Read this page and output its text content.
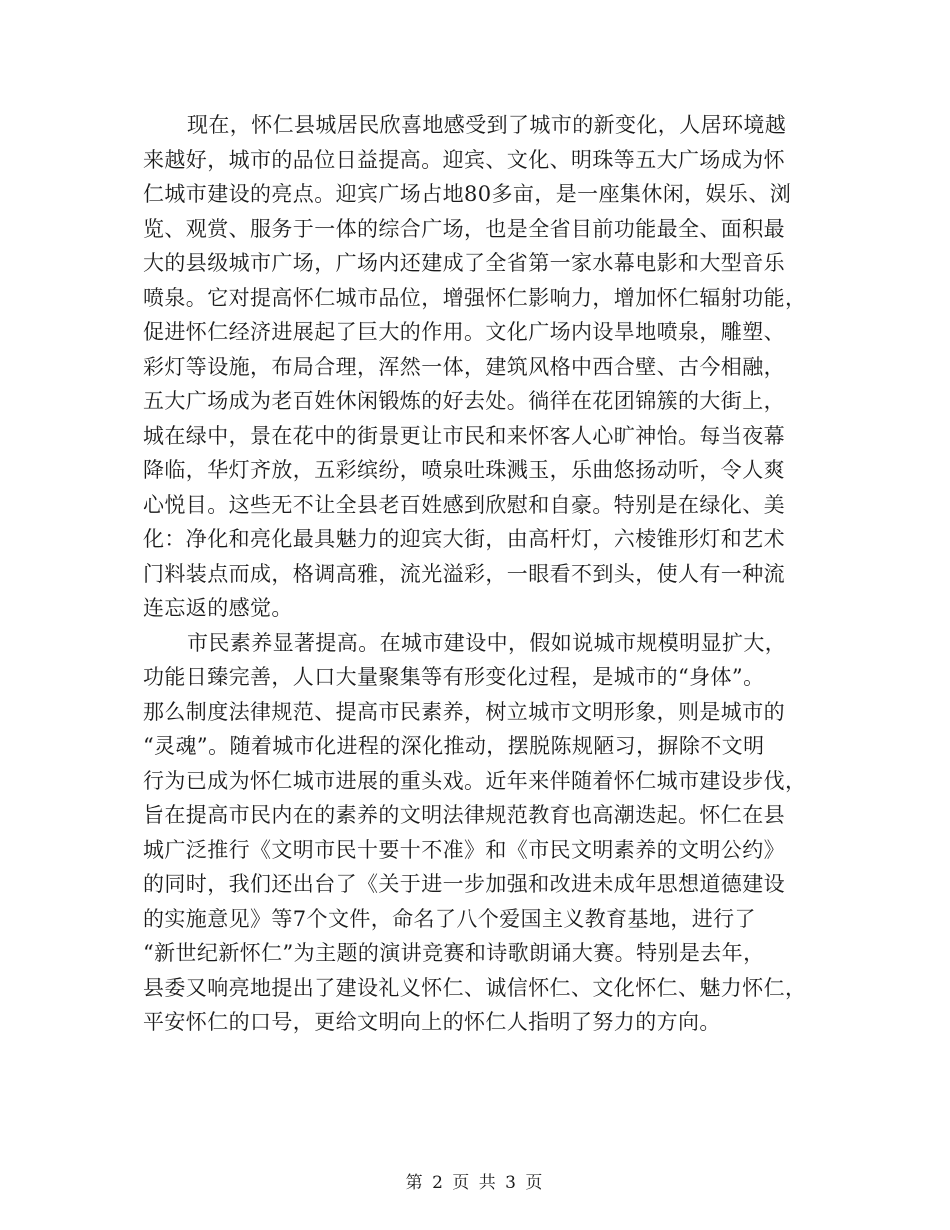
现在，怀仁县城居民欣喜地感受到了城市的新变化，人居环境越
来越好，城市的品位日益提高。迎宾、文化、明珠等五大广场成为怀
仁城市建设的亮点。迎宾广场占地80多亩，是一座集休闲，娱乐、浏
览、观赏、服务于一体的综合广场，也是全省目前功能最全、面积最
大的县级城市广场，广场内还建成了全省第一家水幕电影和大型音乐
喷泉。它对提高怀仁城市品位，增强怀仁影响力，增加怀仁辐射功能，
促进怀仁经济进展起了巨大的作用。文化广场内设旱地喷泉，雕塑、
彩灯等设施，布局合理，浑然一体，建筑风格中西合壁、古今相融，
五大广场成为老百姓休闲锻炼的好去处。徜徉在花团锦簇的大街上，
城在绿中，景在花中的街景更让市民和来怀客人心旷神怡。每当夜幕
降临，华灯齐放，五彩缤纷，喷泉吐珠溅玉，乐曲悠扬动听，令人爽
心悦目。这些无不让全县老百姓感到欣慰和自豪。特别是在绿化、美
化：净化和亮化最具魅力的迎宾大街，由高杆灯，六棱锥形灯和艺术
门料装点而成，格调高雅，流光溢彩，一眼看不到头，使人有一种流
连忘返的感觉。
市民素养显著提高。在城市建设中，假如说城市规模明显扩大，
功能日臻完善，人口大量聚集等有形变化过程，是城市的“身体”。
那么制度法律规范、提高市民素养，树立城市文明形象，则是城市的
“灵魂”。随着城市化进程的深化推动，摆脱陈规陋习，摒除不文明
行为已成为怀仁城市进展的重头戏。近年来伴随着怀仁城市建设步伐，
旨在提高市民内在的素养的文明法律规范教育也高潮迭起。怀仁在县
城广泛推行《文明市民十要十不准》和《市民文明素养的文明公约》
的同时，我们还出台了《关于进一步加强和改进未成年思想道德建设
的实施意见》等7个文件，命名了八个爱国主义教育基地，进行了
“新世纪新怀仁”为主题的演讲竞赛和诗歌朗诵大赛。特别是去年，
县委又响亮地提出了建设礼义怀仁、诚信怀仁、文化怀仁、魅力怀仁，
平安怀仁的口号，更给文明向上的怀仁人指明了努力的方向。
第 2 页 共 3 页
